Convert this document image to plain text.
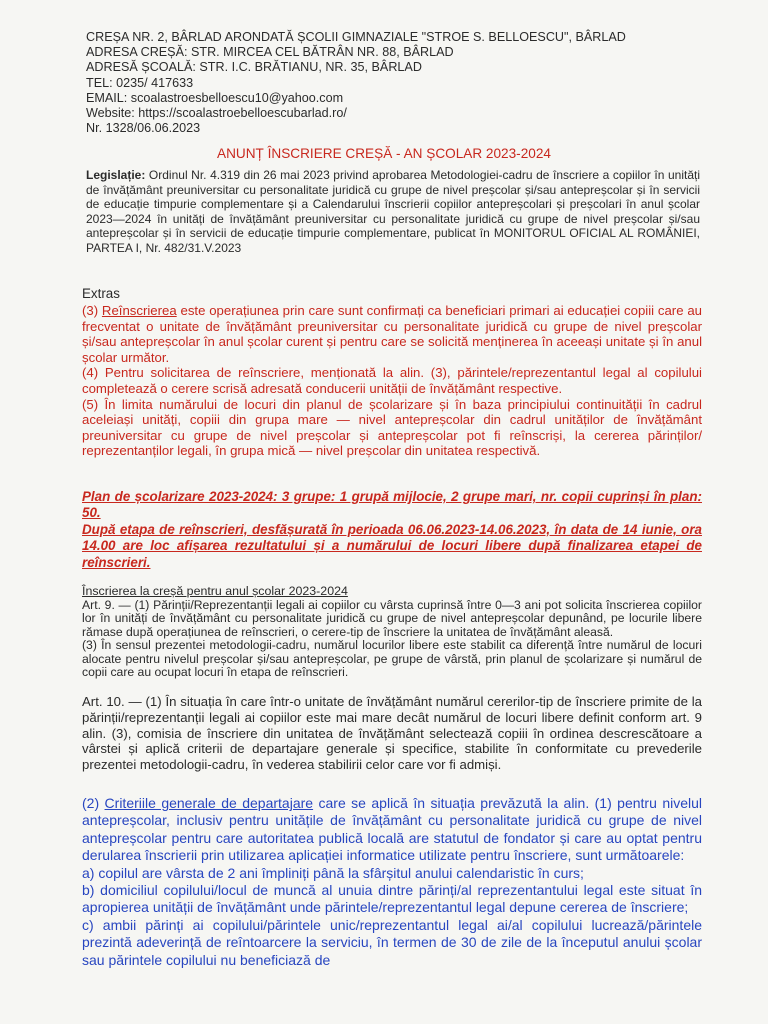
CREȘA NR. 2, BÂRLAD ARONDATĂ ȘCOLII GIMNAZIALE "STROE S. BELLOESCU", BÂRLAD
ADRESA CREȘĂ: STR. MIRCEA CEL BĂTRÂN NR. 88, BÂRLAD
ADRESĂ ȘCOALĂ: STR. I.C. BRĂTIANU, NR. 35, BÂRLAD
TEL: 0235/ 417633
EMAIL: scoalastroesbelloescu10@yahoo.com
Website: https://scoalastroebelloescubarlad.ro/
Nr. 1328/06.06.2023
ANUNȚ ÎNSCRIERE CREȘĂ - AN ȘCOLAR 2023-2024
Legislație: Ordinul Nr. 4.319 din 26 mai 2023 privind aprobarea Metodologiei-cadru de înscriere a copiilor în unități de învățământ preuniversitar cu personalitate juridică cu grupe de nivel preșcolar și/sau antepreșcolar și în servicii de educație timpurie complementare și a Calendarului înscrierii copiilor antepreșcolari și preșcolari în anul școlar 2023—2024 în unități de învățământ preuniversitar cu personalitate juridică cu grupe de nivel preșcolar și/sau antepreșcolar și în servicii de educație timpurie complementare, publicat în MONITORUL OFICIAL AL ROMÂNIEI, PARTEA I, Nr. 482/31.V.2023
Extras

(3) Reînscrierea este operațiunea prin care sunt confirmați ca beneficiari primari ai educației copiii care au frecventat o unitate de învățământ preuniversitar cu personalitate juridică cu grupe de nivel preșcolar și/sau antepreșcolar în anul școlar curent și pentru care se solicită menținerea în aceeași unitate și în anul școlar următor.

(4) Pentru solicitarea de reînscriere, menționată la alin. (3), părintele/reprezentantul legal al copilului completează o cerere scrisă adresată conducerii unității de învățământ respective.

(5) În limita numărului de locuri din planul de școlarizare și în baza principiului continuității în cadrul aceleiași unități, copiii din grupa mare — nivel antepreșcolar din cadrul unităților de învățământ preuniversitar cu grupe de nivel preșcolar și antepreșcolar pot fi reînscriși, la cererea părinților/ reprezentanților legali, în grupa mică — nivel preșcolar din unitatea respectivă.

Plan de școlarizare 2023-2024: 3 grupe: 1 grupă mijlocie, 2 grupe mari, nr. copii cuprinși în plan: 50.

După etapa de reînscrieri, desfășurată în perioada 06.06.2023-14.06.2023, în data de 14 iunie, ora 14.00 are loc afișarea rezultatului și a numărului de locuri libere după finalizarea etapei de reînscrieri.

Înscrierea la creșă pentru anul școlar 2023-2024

Art. 9. — (1) Părinții/Reprezentanții legali ai copiilor cu vârsta cuprinsă între 0—3 ani pot solicita înscrierea copiilor lor în unități de învățământ cu personalitate juridică cu grupe de nivel antepreșcolar depunând, pe locurile libere rămase după operațiunea de reînscrieri, o cerere-tip de înscriere la unitatea de învățământ aleasă.

(3) În sensul prezentei metodologii-cadru, numărul locurilor libere este stabilit ca diferență între numărul de locuri alocate pentru nivelul preșcolar și/sau antepreșcolar, pe grupe de vârstă, prin planul de școlarizare și numărul de copii care au ocupat locuri în etapa de reînscrieri.

Art. 10. — (1) În situația în care într-o unitate de învățământ numărul cererilor-tip de înscriere primite de la părinții/reprezentanții legali ai copiilor este mai mare decât numărul de locuri libere definit conform art. 9 alin. (3), comisia de înscriere din unitatea de învățământ selectează copiii în ordinea descrescătoare a vârstei și aplică criterii de departajare generale și specifice, stabilite în conformitate cu prevederile prezentei metodologii-cadru, în vederea stabilirii celor care vor fi admiși.

(2) Criteriile generale de departajare care se aplică în situația prevăzută la alin. (1) pentru nivelul antepreșcolar, inclusiv pentru unitățile de învățământ cu personalitate juridică cu grupe de nivel antepreșcolar pentru care autoritatea publică locală are statutul de fondator și care au optat pentru derularea înscrierii prin utilizarea aplicației informatice utilizate pentru înscriere, sunt următoarele:

a) copilul are vârsta de 2 ani împliniți până la sfârșitul anului calendaristic în curs;

b) domiciliul copilului/locul de muncă al unuia dintre părinți/al reprezentantului legal este situat în apropierea unității de învățământ unde părintele/reprezentantul legal depune cererea de înscriere;

c) ambii părinți ai copilului/părintele unic/reprezentantul legal ai/al copilului lucrează/părintele prezintă adeverință de reîntoarcere la serviciu, în termen de 30 de zile de la începutul anului școlar sau părintele copilului nu beneficiază de
